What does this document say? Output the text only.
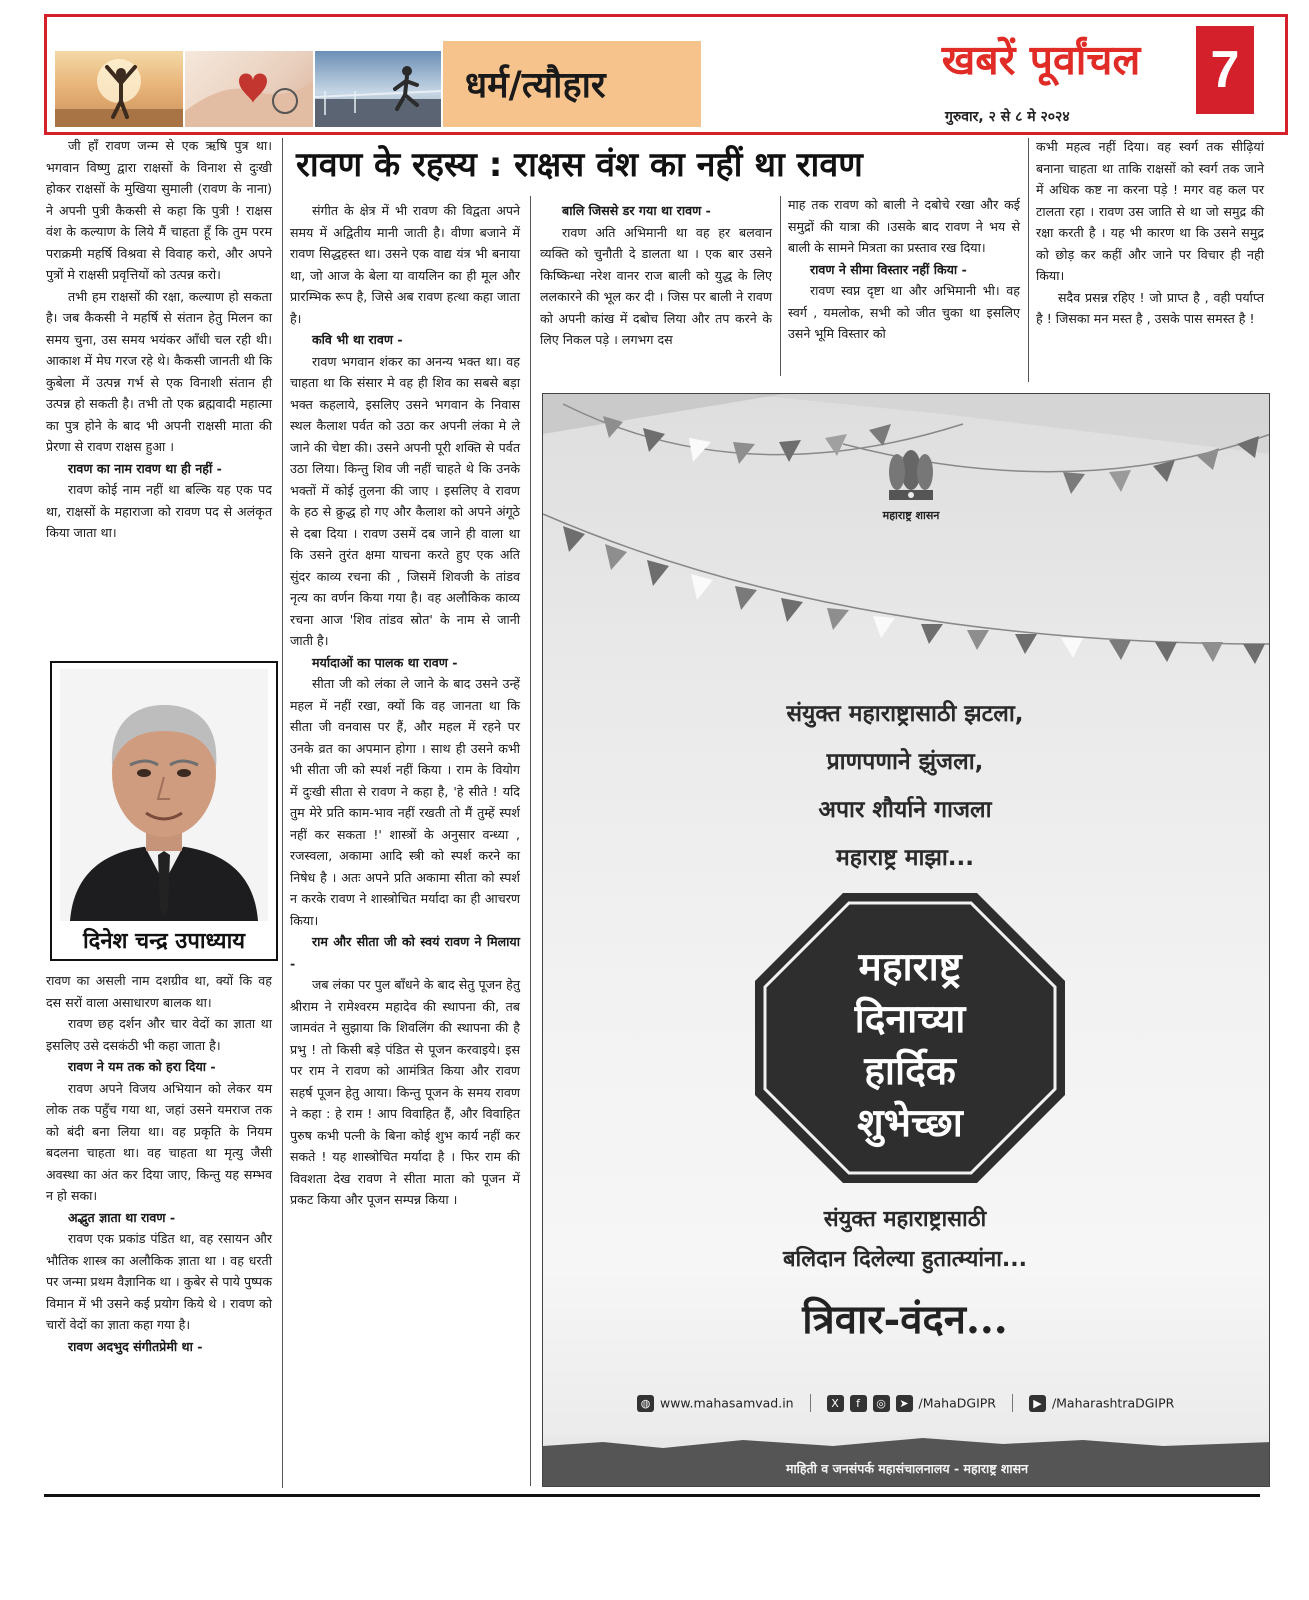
धर्म/त्यौहार
खबरें पूर्वांचल
गुरुवार, २ से ८ मे २०२४
7
रावण के रहस्य : राक्षस वंश का नहीं था रावण

जी हाँ रावण जन्म से एक ऋषि पुत्र था। भगवान विष्णु द्वारा राक्षसों के विनाश से दुःखी होकर राक्षसों के मुखिया सुमाली (रावण के नाना) ने अपनी पुत्री कैकसी से कहा कि पुत्री ! राक्षस वंश के कल्याण के लिये मैं चाहता हूँ कि तुम परम पराक्रमी महर्षि विश्रवा से विवाह करो, और अपने पुत्रों मे राक्षसी प्रवृत्तियों को उत्पन्न करो।

तभी हम राक्षसों की रक्षा, कल्याण हो सकता है। जब कैकसी ने महर्षि से संतान हेतु मिलन का समय चुना, उस समय भयंकर आँधी चल रही थी। आकाश में मेघ गरज रहे थे। कैकसी जानती थी कि कुबेला में उत्पन्न गर्भ से एक विनाशी संतान ही उत्पन्न हो सकती है। तभी तो एक ब्रह्मवादी महात्मा का पुत्र होने के बाद भी अपनी राक्षसी माता की प्रेरणा से रावण राक्षस हुआ ।

रावण का नाम रावण था ही नहीं -

रावण कोई नाम नहीं था बल्कि यह एक पद था, राक्षसों के महाराजा को रावण पद से अलंकृत किया जाता था।

दिनेश चन्द्र उपाध्याय

रावण का असली नाम दशग्रीव था, क्यों कि वह दस सरों वाला असाधारण बालक था।

रावण छह दर्शन और चार वेदों का ज्ञाता था इसलिए उसे दसकंठी भी कहा जाता है।

रावण ने यम तक को हरा दिया -

रावण अपने विजय अभियान को लेकर यम लोक तक पहुँच गया था, जहां उसने यमराज तक को बंदी बना लिया था। वह प्रकृति के नियम बदलना चाहता था। वह चाहता था मृत्यु जैसी अवस्था का अंत कर दिया जाए, किन्तु यह सम्भव न हो सका।

अद्भुत ज्ञाता था रावण -

रावण एक प्रकांड पंडित था, वह रसायन और भौतिक शास्त्र का अलौकिक ज्ञाता था । वह धरती पर जन्मा प्रथम वैज्ञानिक था । कुबेर से पाये पुष्पक विमान में भी उसने कई प्रयोग किये थे । रावण को चारों वेदों का ज्ञाता कहा गया है।

रावण अदभुद संगीतप्रेमी था -

संगीत के क्षेत्र में भी रावण की विद्वता अपने समय में अद्वितीय मानी जाती है। वीणा बजाने में रावण सिद्धहस्त था। उसने एक वाद्य यंत्र भी बनाया था, जो आज के बेला या वायलिन का ही मूल और प्रारम्भिक रूप है, जिसे अब रावण हत्था कहा जाता है।

कवि भी था रावण -

रावण भगवान शंकर का अनन्य भक्त था। वह चाहता था कि संसार मे वह ही शिव का सबसे बड़ा भक्त कहलाये, इसलिए उसने भगवान के निवास स्थल कैलाश पर्वत को उठा कर अपनी लंका मे ले जाने की चेष्टा की। उसने अपनी पूरी शक्ति से पर्वत उठा लिया। किन्तु शिव जी नहीं चाहते थे कि उनके भक्तों में कोई तुलना की जाए । इसलिए वे रावण के हठ से क्रुद्ध हो गए और कैलाश को अपने अंगूठे से दबा दिया । रावण उसमें दब जाने ही वाला था कि उसने तुरंत क्षमा याचना करते हुए एक अति सुंदर काव्य रचना की , जिसमें शिवजी के तांडव नृत्य का वर्णन किया गया है। वह अलौकिक काव्य रचना आज 'शिव तांडव स्रोत' के नाम से जानी जाती है।

मर्यादाओं का पालक था रावण -

सीता जी को लंका ले जाने के बाद उसने उन्हें महल में नहीं रखा, क्यों कि वह जानता था कि सीता जी वनवास पर हैं, और महल में रहने पर उनके व्रत का अपमान होगा । साथ ही उसने कभी भी सीता जी को स्पर्श नहीं किया । राम के वियोग में दुःखी सीता से रावण ने कहा है, 'हे सीते ! यदि तुम मेरे प्रति काम-भाव नहीं रखती तो मैं तुम्हें स्पर्श नहीं कर सकता !' शास्त्रों के अनुसार वन्ध्या , रजस्वला, अकामा आदि स्त्री को स्पर्श करने का निषेध है । अतः अपने प्रति अकामा सीता को स्पर्श न करके रावण ने शास्त्रोचित मर्यादा का ही आचरण किया।

राम और सीता जी को स्वयं रावण ने मिलाया -

जब लंका पर पुल बाँधने के बाद सेतु पूजन हेतु श्रीराम ने रामेश्वरम महादेव की स्थापना की, तब जामवंत ने सुझाया कि शिवलिंग की स्थापना की है प्रभु ! तो किसी बड़े पंडित से पूजन करवाइये। इस पर राम ने रावण को आमंत्रित किया और रावण सहर्ष पूजन हेतु आया। किन्तु पूजन के समय रावण ने कहा : हे राम ! आप विवाहित हैं, और विवाहित पुरुष कभी पत्नी के बिना कोई शुभ कार्य नहीं कर सकते ! यह शास्त्रोचित मर्यादा है । फिर राम की विवशता देख रावण ने सीता माता को पूजन में प्रकट किया और पूजन सम्पन्न किया ।

बालि जिससे डर गया था रावण -

रावण अति अभिमानी था वह हर बलवान व्यक्ति को चुनौती दे डालता था । एक बार उसने किष्किन्धा नरेश वानर राज बाली को युद्ध के लिए ललकारने की भूल कर दी । जिस पर बाली ने रावण को अपनी कांख में दबोच लिया और तप करने के लिए निकल पड़े । लगभग दस

माह तक रावण को बाली ने दबोचे रखा और कई समुद्रों की यात्रा की ।उसके बाद रावण ने भय से बाली के सामने मित्रता का प्रस्ताव रख दिया।

रावण ने सीमा विस्तार नहीं किया -

रावण स्वप्न दृष्टा था और अभिमानी भी। वह स्वर्ग , यमलोक, सभी को जीत चुका था इसलिए उसने भूमि विस्तार को

कभी महत्व नहीं दिया। वह स्वर्ग तक सीढ़ियां बनाना चाहता था ताकि राक्षसों को स्वर्ग तक जाने में अधिक कष्ट ना करना पड़े ! मगर वह कल पर टालता रहा । रावण उस जाति से था जो समुद्र की रक्षा करती है । यह भी कारण था कि उसने समुद्र को छोड़ कर कहीं और जाने पर विचार ही नही किया।

सदैव प्रसन्न रहिए ! जो प्राप्त है , वही पर्याप्त है ! जिसका मन मस्त है , उसके पास समस्त है !

महाराष्ट्र शासन
संयुक्त महाराष्ट्रासाठी झटला,
प्राणपणाने झुंजला,
अपार शौर्याने गाजला
महाराष्ट्र माझा...
महाराष्ट्र
दिनाच्या
हार्दिक
शुभेच्छा
संयुक्त महाराष्ट्रासाठी
बलिदान दिलेल्या हुतात्म्यांना...
त्रिवार-वंदन...
◍ www.mahasamvad.in	X f ◎ ➤ /MahaDGIPR	▶ /MaharashtraDGIPR
माहिती व जनसंपर्क महासंचालनालय - महाराष्ट्र शासन
